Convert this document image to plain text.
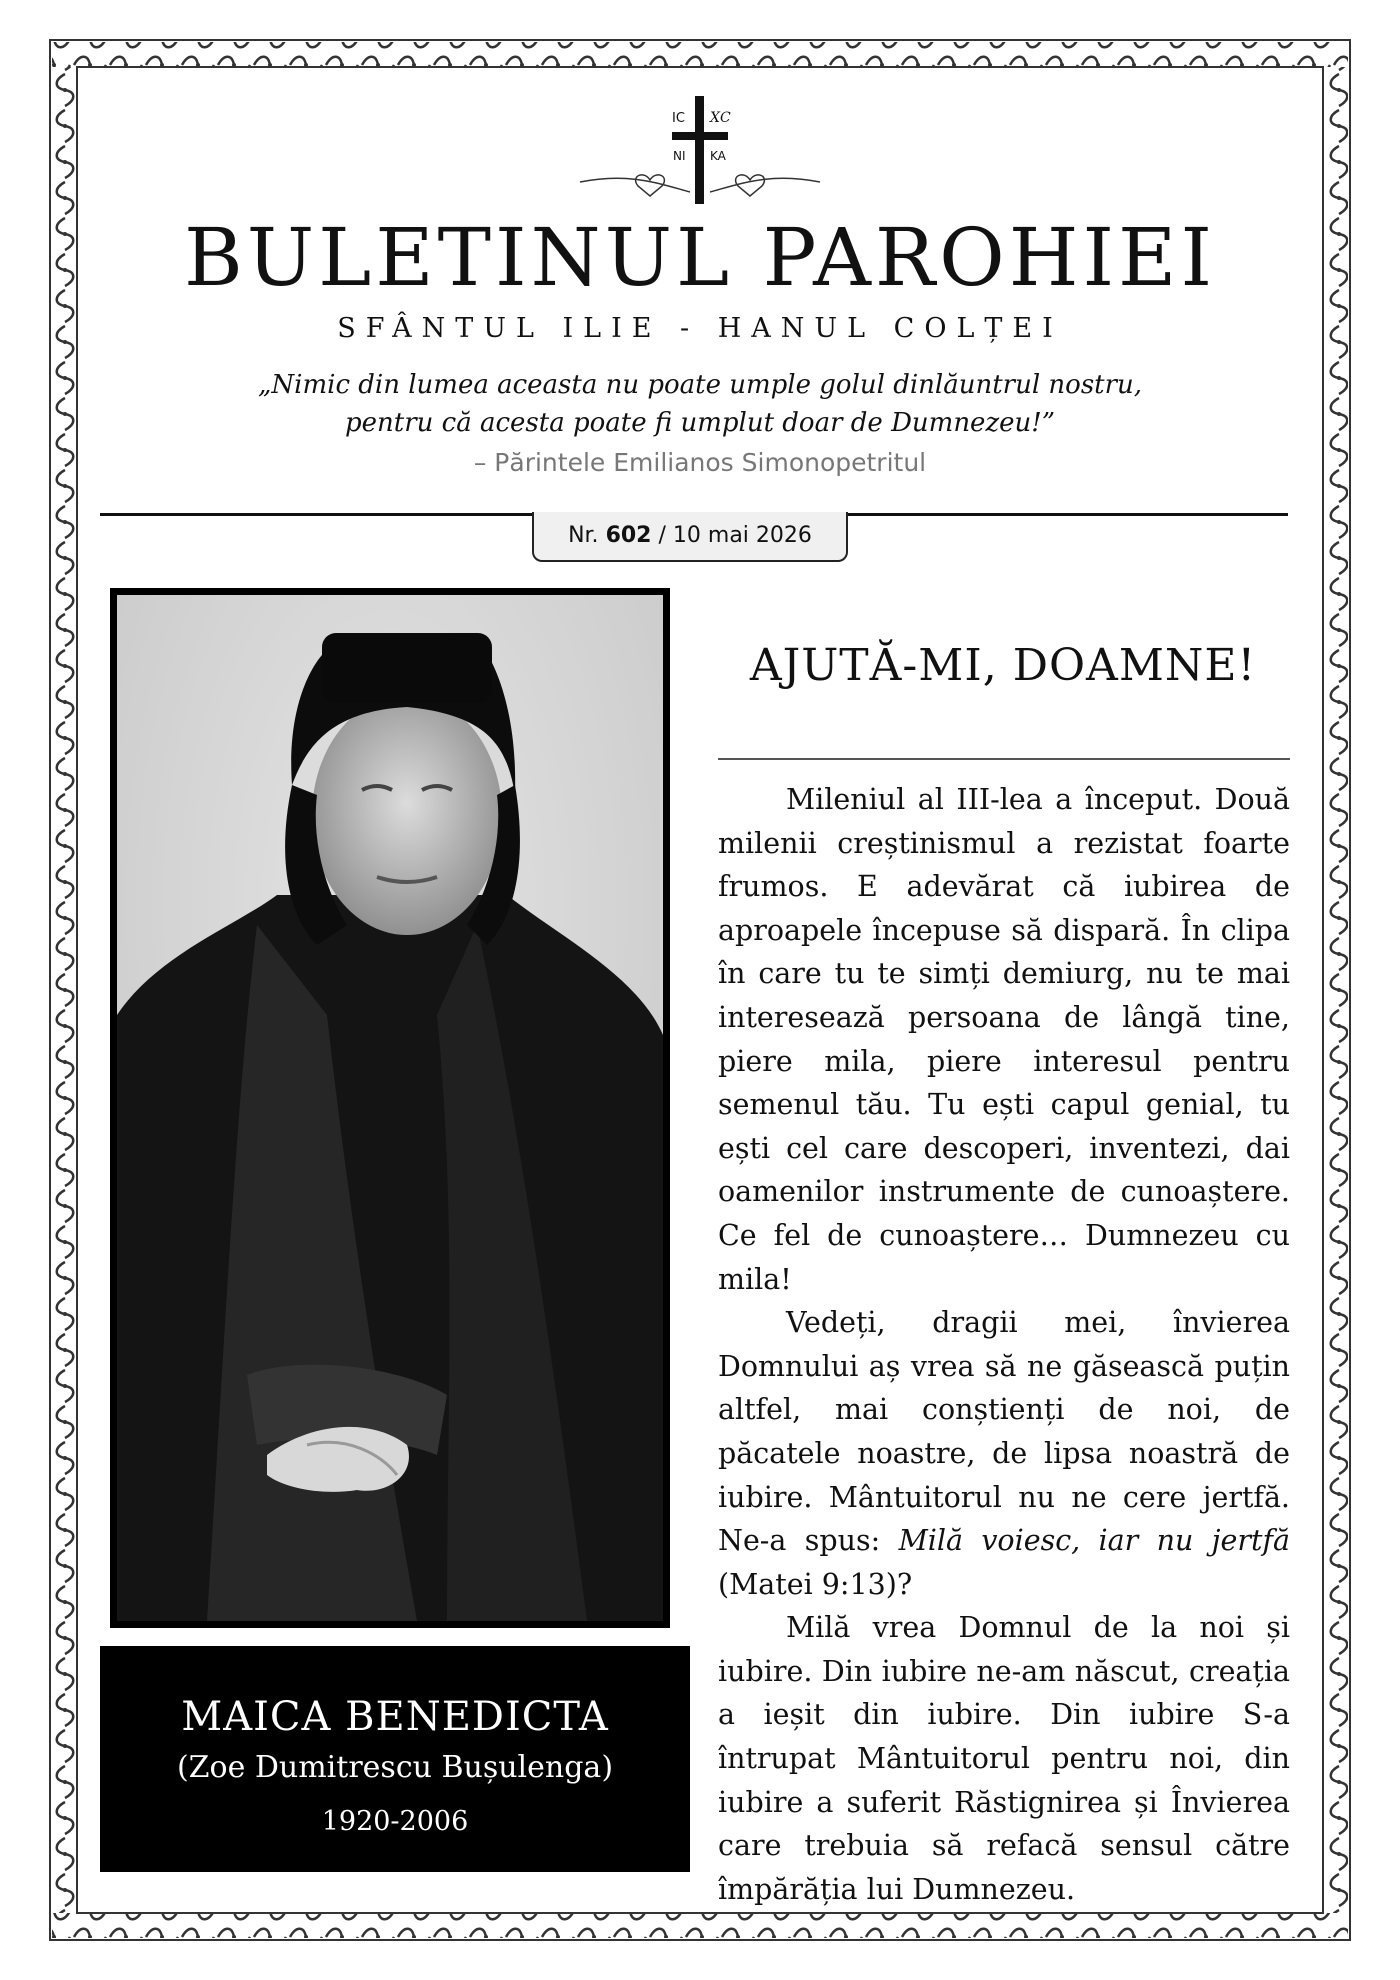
IC ΧC
NI KA
BULETINUL PAROHIEI
SFÂNTUL ILIE - HANUL COLȚEI
„Nimic din lumea aceasta nu poate umple golul dinlăuntrul nostru,
pentru că acesta poate fi umplut doar de Dumnezeu!”
– Părintele Emilianos Simonopetritul
Nr. 602 / 10 mai 2026
MAICA BENEDICTA
(Zoe Dumitrescu Bușulenga)
1920-2006
AJUTĂ-MI, DOAMNE!

Mileniul al III-lea a început. Două milenii creștinismul a rezistat foarte frumos. E adevărat că iubirea de aproapele începuse să dispară. În clipa în care tu te simți demiurg, nu te mai interesează persoana de lângă tine, piere mila, piere interesul pentru semenul tău. Tu ești capul genial, tu ești cel care descoperi, inventezi, dai oamenilor instrumente de cunoaștere. Ce fel de cunoaștere… Dumnezeu cu mila!

Vedeți, dragii mei, învierea Domnului aș vrea să ne găsească puțin altfel, mai conștienți de noi, de păcatele noastre, de lipsa noastră de iubire. Mântuitorul nu ne cere jertfă. Ne-a spus: Milă voiesc, iar nu jertfă (Matei 9:13)?

Milă vrea Domnul de la noi și iubire. Din iubire ne-am născut, creația a ieșit din iubire. Din iubire S-a întrupat Mântuitorul pentru noi, din iubire a suferit Răstignirea și Învierea care trebuia să refacă sensul către împărăția lui Dumnezeu.
